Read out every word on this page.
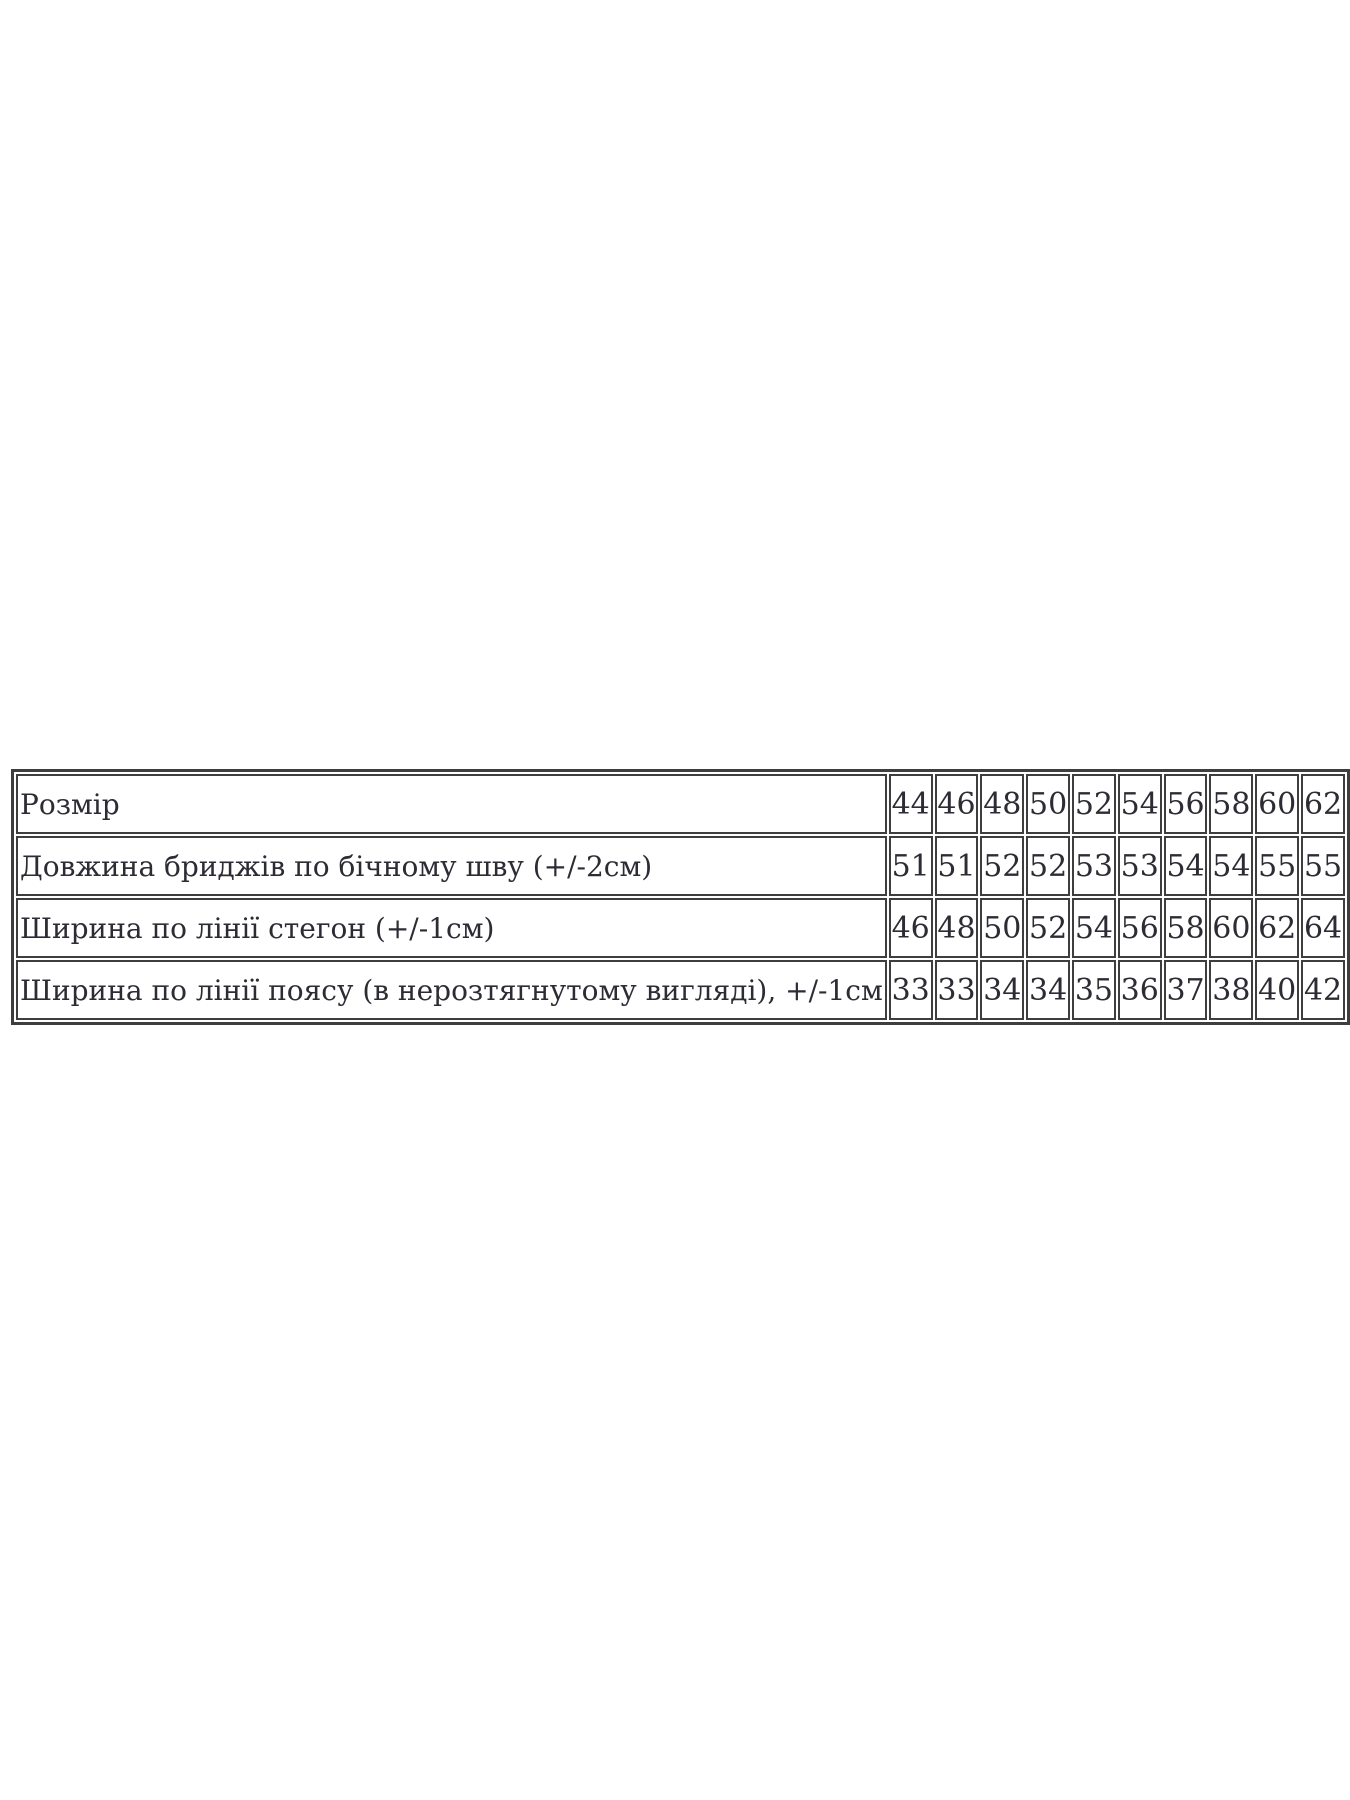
Розмір	44	46	48	50	52	54	56	58	60	62
Довжина бриджів по бічному шву (+/-2см)	51	51	52	52	53	53	54	54	55	55
Ширина по лінії стегон (+/-1см)	46	48	50	52	54	56	58	60	62	64
Ширина по лінії поясу (в нерозтягнутому вигляді), +/-1см	33	33	34	34	35	36	37	38	40	42
